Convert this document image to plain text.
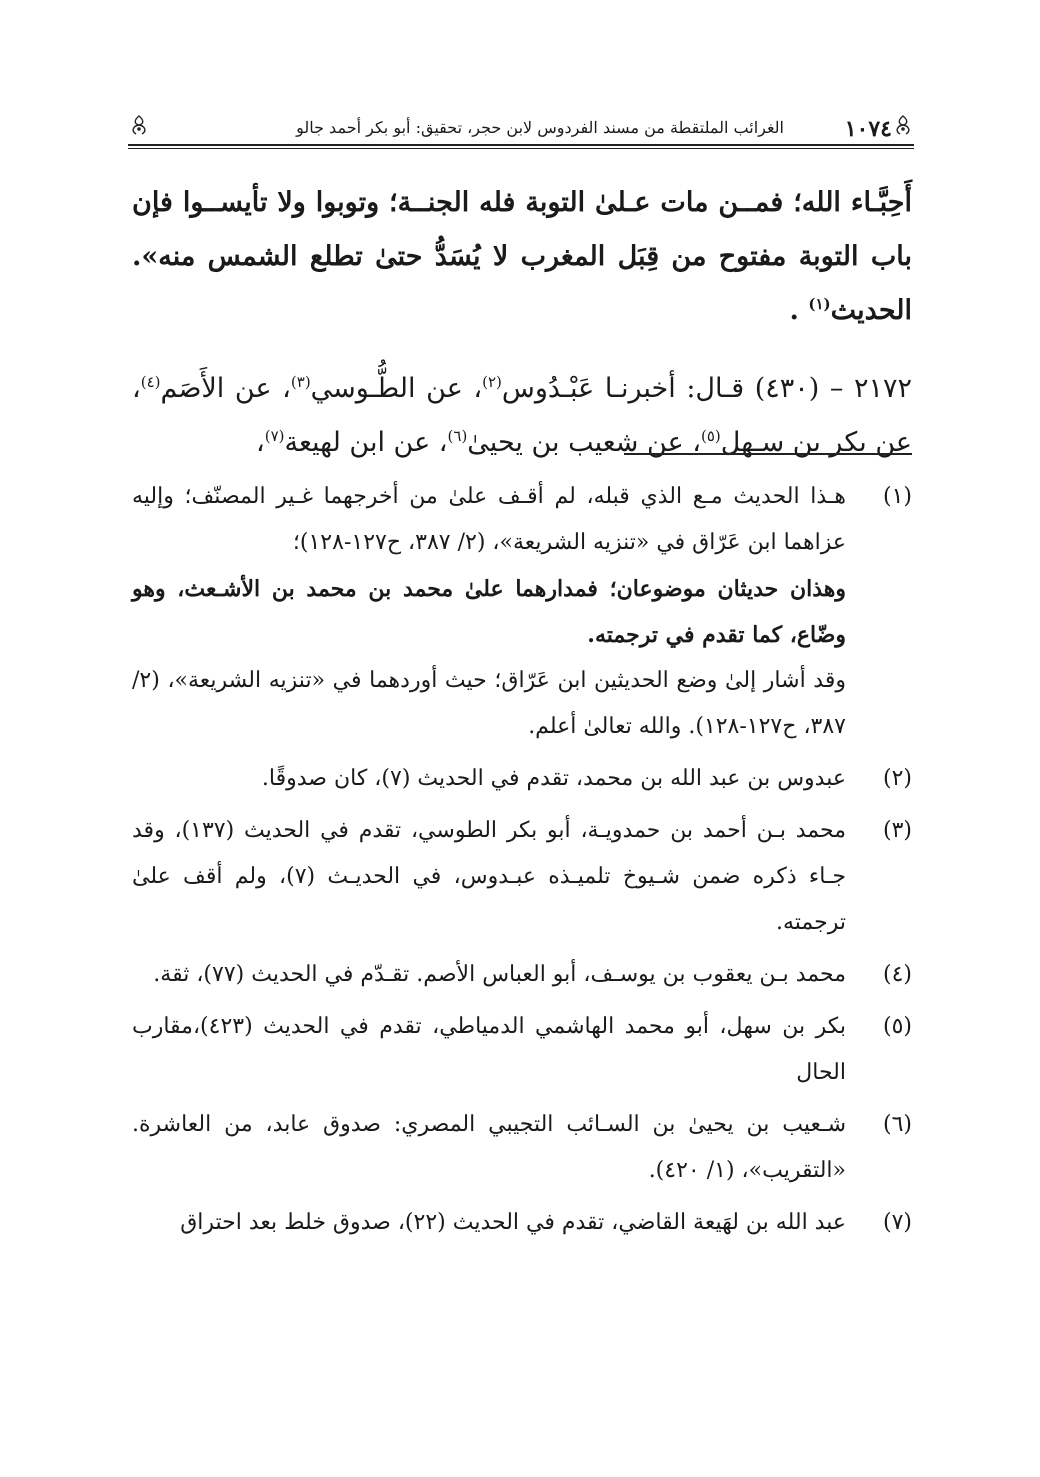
١٠٧٤
الغرائب الملتقطة من مسند الفردوس لابن حجر، تحقيق: أبو بكر أحمد جالو

أَحِبَّـاء الله؛ فمــن مات عـلىٰ التوبة فله الجنــة؛ وتوبوا ولا تأيســوا فإن باب التوبة مفتوح من قِبَل المغرب لا يُسَدُّ حتىٰ تطلع الشمس منه». الحديث$^{(١)}$ .

٢١٧٢ – (٤٣٠) قـال: أخبرنـا عَبْـدُوس$^{(٢)}$، عن الطُّـوسي$^{(٣)}$، عن الأَصَم$^{(٤)}$، عن بكر بن سـهل$^{(٥)}$، عن شعيب بن يحيىٰ$^{(٦)}$، عن ابن لهيعة$^{(٧)}$،

(١)

هـذا الحديث مـع الذي قبله، لم أقـف علىٰ من أخرجهما غـير المصنّف؛ وإليه عزاهما ابن عَرّاق في «تنزيه الشريعة»، (٢/ ٣٨٧، ح١٢٧-١٢٨)؛

وهذان حديثان موضوعان؛ فمدارهما علىٰ محمد بن محمد بن الأشـعث، وهو وضّاع، كما تقدم في ترجمته.

وقد أشار إلىٰ وضع الحديثين ابن عَرّاق؛ حيث أورده‍ما في «تنزيه الشريعة»، (٢/ ٣٨٧، ح١٢٧-١٢٨). والله تعالىٰ أعلم.

(٢)

عبدوس بن عبد الله بن محمد، تقدم في الحديث (٧)، كان صدوقًا.

(٣)

محمد بـن أحمد بن حمدويـة، أبو بكر الطوسي، تقدم في الحديث (١٣٧)، وقد جـاء ذكره ضمن شـيوخ تلميـذه عبـدوس، في الحديـث (٧)، ولم أقف علىٰ ترجمته.

(٤)

محمد بـن يعقوب بن يوسـف، أبو العباس الأصم. تقـدّم في الحديث (٧٧)، ثقة.

(٥)

بكر بن سهل، أبو محمد الهاشمي الدمياطي، تقدم في الحديث (٤٢٣)،مقارب الحال

(٦)

شـعيب بن يحيىٰ بن السـائب التجيبي المصري: صدوق عابد، من العاشرة. «التقريب»، (١/ ٤٢٠).

(٧)

عبد الله بن لهَيعة القاضي، تقدم في الحديث (٢٢)، صدوق خلط بعد احتراق
